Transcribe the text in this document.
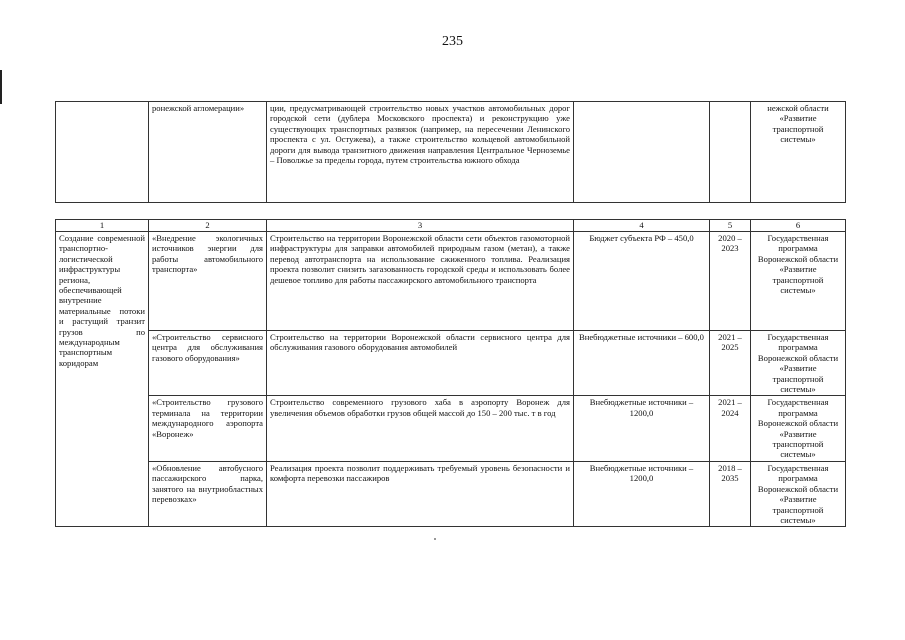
235
	ронежской агломерации»	ции, предусматривающей строительство новых участков автомобильных дорог городской сети (дублера Московского проспекта) и реконструкцию уже существующих транспортных развязок (например, на пересечении Ленинского проспекта с ул. Остужева), а также строительство кольцевой автомобильной дороги для вывода транзитного движения направления Центральное Черноземье – Поволжье за пределы города, путем строительства южного обхода			нежской области «Развитие транспортной системы»
1	2	3	4	5	6
Создание современной транспортно-логистической инфраструктуры региона, обеспечивающей внутренние материальные потоки и растущий транзит грузов по международным транспортным коридорам	«Внедрение экологичных источников энергии для работы автомобильного транспорта»	Строительство на территории Воронежской области сети объектов газомоторной инфраструктуры для заправки автомобилей природным газом (метан), а также перевод автотранспорта на использование сжиженного топлива. Реализация проекта позволит снизить загазованность городской среды и использовать более дешевое топливо для работы пассажирского автомобильного транспорта	Бюджет субъекта РФ – 450,0	2020 – 2023	Государственная программа Воронежской области «Развитие транспортной системы»
	«Строительство сервисного центра для обслуживания газового оборудования»	Строительство на территории Воронежской области сервисного центра для обслуживания газового оборудования автомобилей	Внебюджетные источники – 600,0	2021 – 2025	Государственная программа Воронежской области «Развитие транспортной системы»
	«Строительство грузового терминала на территории международного аэропорта «Воронеж»	Строительство современного грузового хаба в аэропорту Воронеж для увеличения объемов обработки грузов общей массой до 150 – 200 тыс. т в год	Внебюджетные источники – 1200,0	2021 – 2024	Государственная программа Воронежской области «Развитие транспортной системы»
	«Обновление автобусного пассажирского парка, занятого на внутриобластных перевозках»	Реализация проекта позволит поддерживать требуемый уровень безопасности и комфорта перевозки пассажиров	Внебюджетные источники – 1200,0	2018 – 2035	Государственная программа Воронежской области «Развитие транспортной системы»
